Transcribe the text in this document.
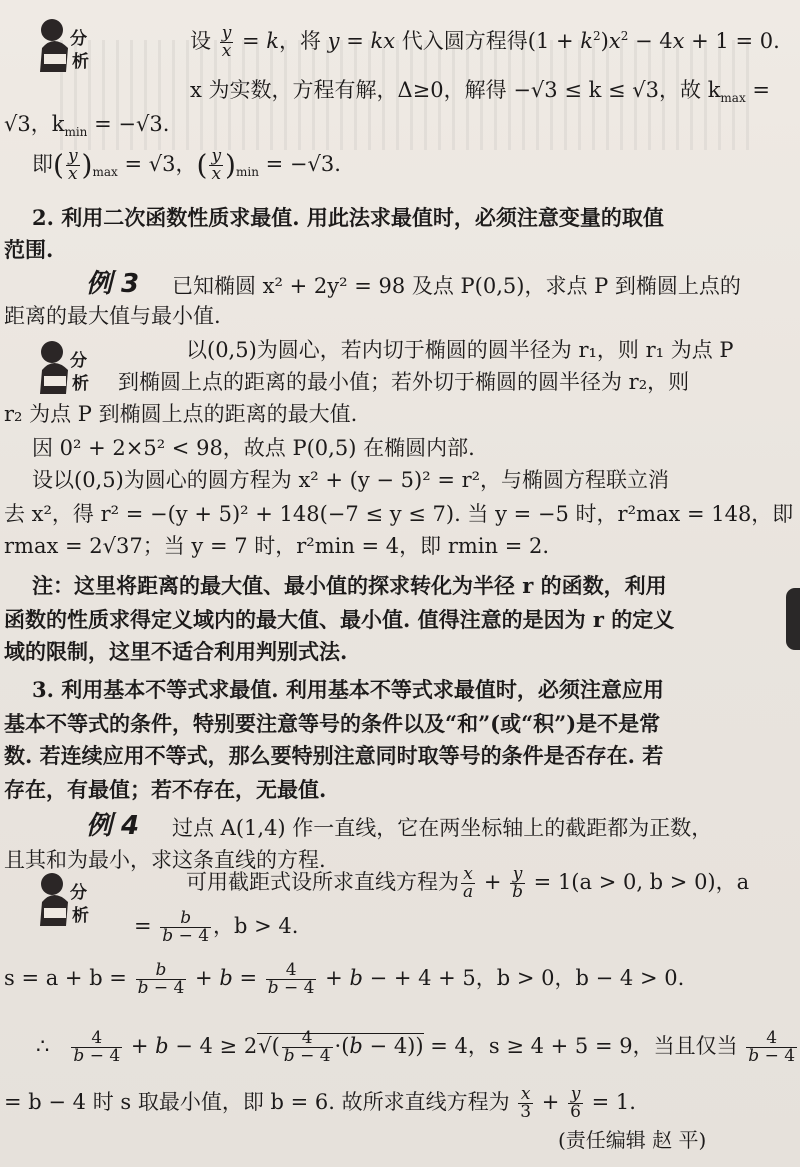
分
析
设 $\frac{y}{x} = k$，将 y = kx 代入圆方程得$(1 + k^2)x^2 - 4x + 1 = 0$.
x 为实数，方程有解，Δ≥0，解得 −√3 ≤ k ≤ √3，故 $k_{max}$ =
√3，$k_{min} = -√3$.
即( $\frac{y}{x} )_{max} = √3$，( $\frac{y}{x} )_{min} = -√3$.
2. 利用二次函数性质求最值. 用此法求最值时，必须注意变量的取值
范围.
例 3 已知椭圆 x² + 2y² = 98 及点 P(0,5)，求点 P 到椭圆上点的
距离的最大值与最小值.
分
析
以(0,5)为圆心，若内切于椭圆的圆半径为 r₁，则 r₁ 为点 P
到椭圆上点的距离的最小值；若外切于椭圆的圆半径为 r₂，则
r₂ 为点 P 到椭圆上点的距离的最大值.
因 0² + 2×5² < 98，故点 P(0,5) 在椭圆内部.
设以(0,5)为圆心的圆方程为 x² + (y − 5)² = r²，与椭圆方程联立消
去 x²，得 r² = −(y + 5)² + 148(−7 ≤ y ≤ 7). 当 y = −5 时，r²max = 148，即
rmax = 2√37；当 y = 7 时，r²min = 4，即 rmin = 2.
注：这里将距离的最大值、最小值的探求转化为半径 r 的函数，利用
函数的性质求得定义域内的最大值、最小值. 值得注意的是因为 r 的定义
域的限制，这里不适合利用判别式法.
3. 利用基本不等式求最值. 利用基本不等式求最值时，必须注意应用
基本不等式的条件，特别要注意等号的条件以及“和”(或“积”)是不是常
数. 若连续应用不等式，那么要特别注意同时取等号的条件是否存在. 若
存在，有最值；若不存在，无最值.
例 4 过点 A(1,4) 作一直线，它在两坐标轴上的截距都为正数，
且其和为最小，求这条直线的方程.
分
析
可用截距式设所求直线方程为 $\frac{x}{a} + \frac{y}{b} = 1(a > 0$, b > 0)，a
= $\frac{b}{b - 4}$ ，b > 4.
$s = a + b = \frac{b}{b - 4} + b = \frac{4}{b - 4} + b$ − + 4 + 5，b > 0，b − 4 > 0.
∴ $\frac{4}{b - 4} + b - 4 \ge 2√( \frac{4}{b - 4} \cdot(b - 4)) = 4$，s ≥ 4 + 5 = 9，当且仅当 $\frac{4}{b - 4}$
= b − 4 时 s 取最小值，即 b = 6. 故所求直线方程为 $\frac{x}{3} + \frac{y}{6} = 1$.
(责任编辑 赵 平)
